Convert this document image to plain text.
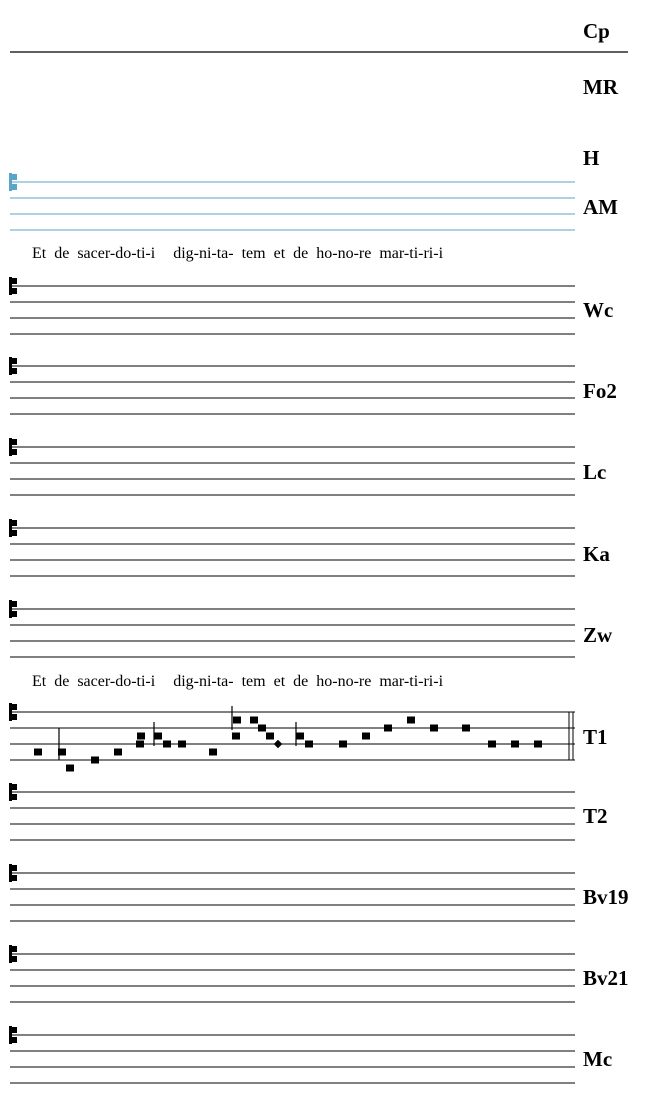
Cp
MR
H
AM
Wc
Fo2
Lc
Ka
Zw
T1
T2
Bv19
Bv21
Mc
Et de sacer-do-ti-i dig-ni-ta- tem et de ho-no-re mar-ti-ri-i
Et de sacer-do-ti-i dig-ni-ta- tem et de ho-no-re mar-ti-ri-i
